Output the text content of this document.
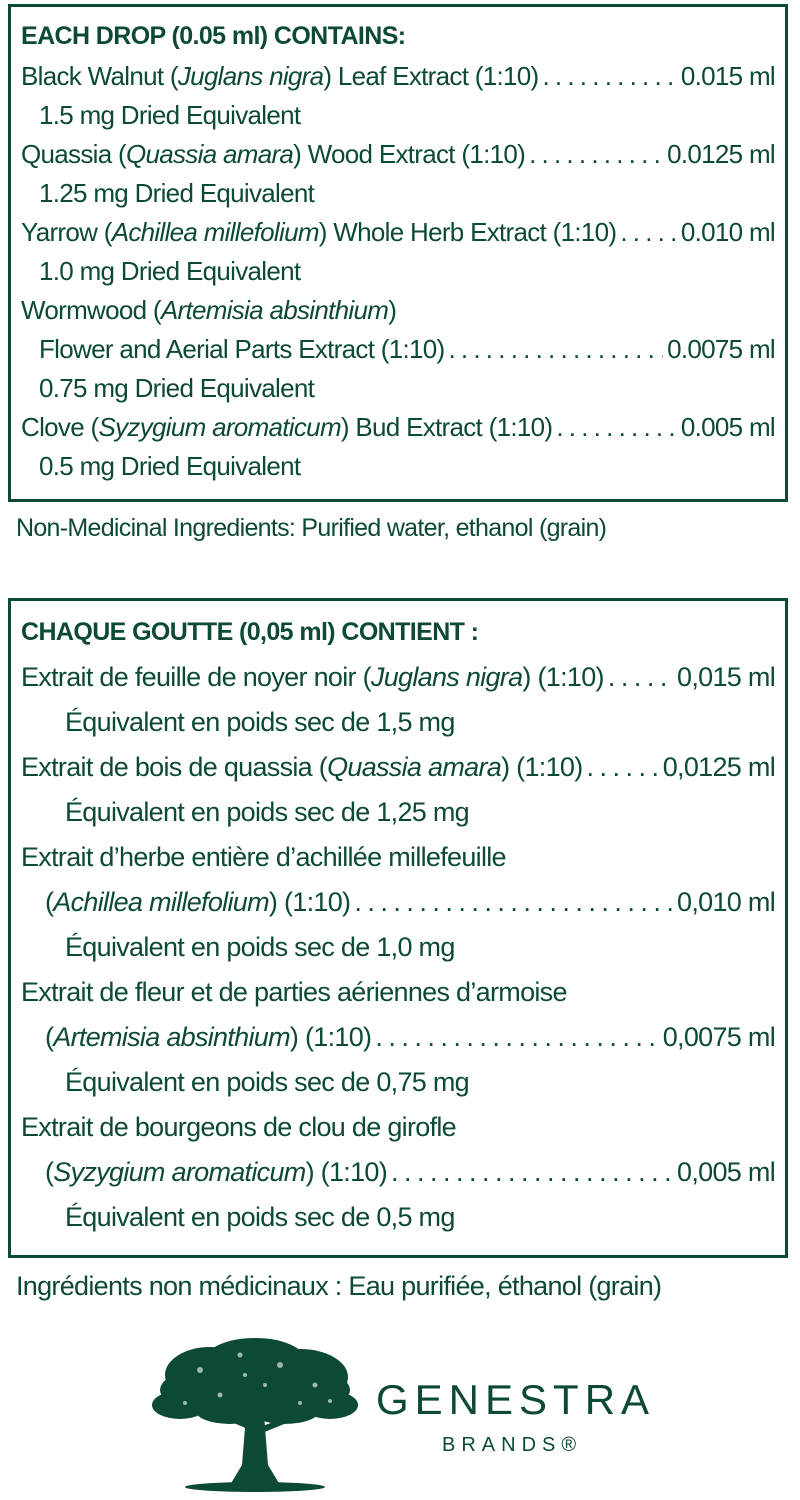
EACH DROP (0.05 ml) CONTAINS:
Black Walnut (Juglans nigra) Leaf Extract (1:10) . . .	0.015 ml
1.5 mg Dried Equivalent
Quassia (Quassia amara) Wood Extract (1:10) . . .	0.0125 ml
1.25 mg Dried Equivalent
Yarrow (Achillea millefolium) Whole Herb Extract (1:10) . . . 0.010 ml
1.0 mg Dried Equivalent
Wormwood (Artemisia absinthium)
Flower and Aerial Parts Extract (1:10) . . .	0.0075 ml
0.75 mg Dried Equivalent
Clove (Syzygium aromaticum) Bud Extract (1:10) . . .	0.005 ml
0.5 mg Dried Equivalent
Non-Medicinal Ingredients: Purified water, ethanol (grain)
CHAQUE GOUTTE (0,05 ml) CONTIENT :
Extrait de feuille de noyer noir (Juglans nigra) (1:10) . . .	0,015 ml
Équivalent en poids sec de 1,5 mg
Extrait de bois de quassia (Quassia amara) (1:10) . . .	0,0125 ml
Équivalent en poids sec de 1,25 mg
Extrait d’herbe entière d’achillée millefeuille
(Achillea millefolium) (1:10) . . .	0,010 ml
Équivalent en poids sec de 1,0 mg
Extrait de fleur et de parties aériennes d’armoise
(Artemisia absinthium) (1:10) . . .	0,0075 ml
Équivalent en poids sec de 0,75 mg
Extrait de bourgeons de clou de girofle
(Syzygium aromaticum) (1:10) . . .	0,005 ml
Équivalent en poids sec de 0,5 mg
Ingrédients non médicinaux : Eau purifiée, éthanol (grain)
GENESTRA
BRANDS®
